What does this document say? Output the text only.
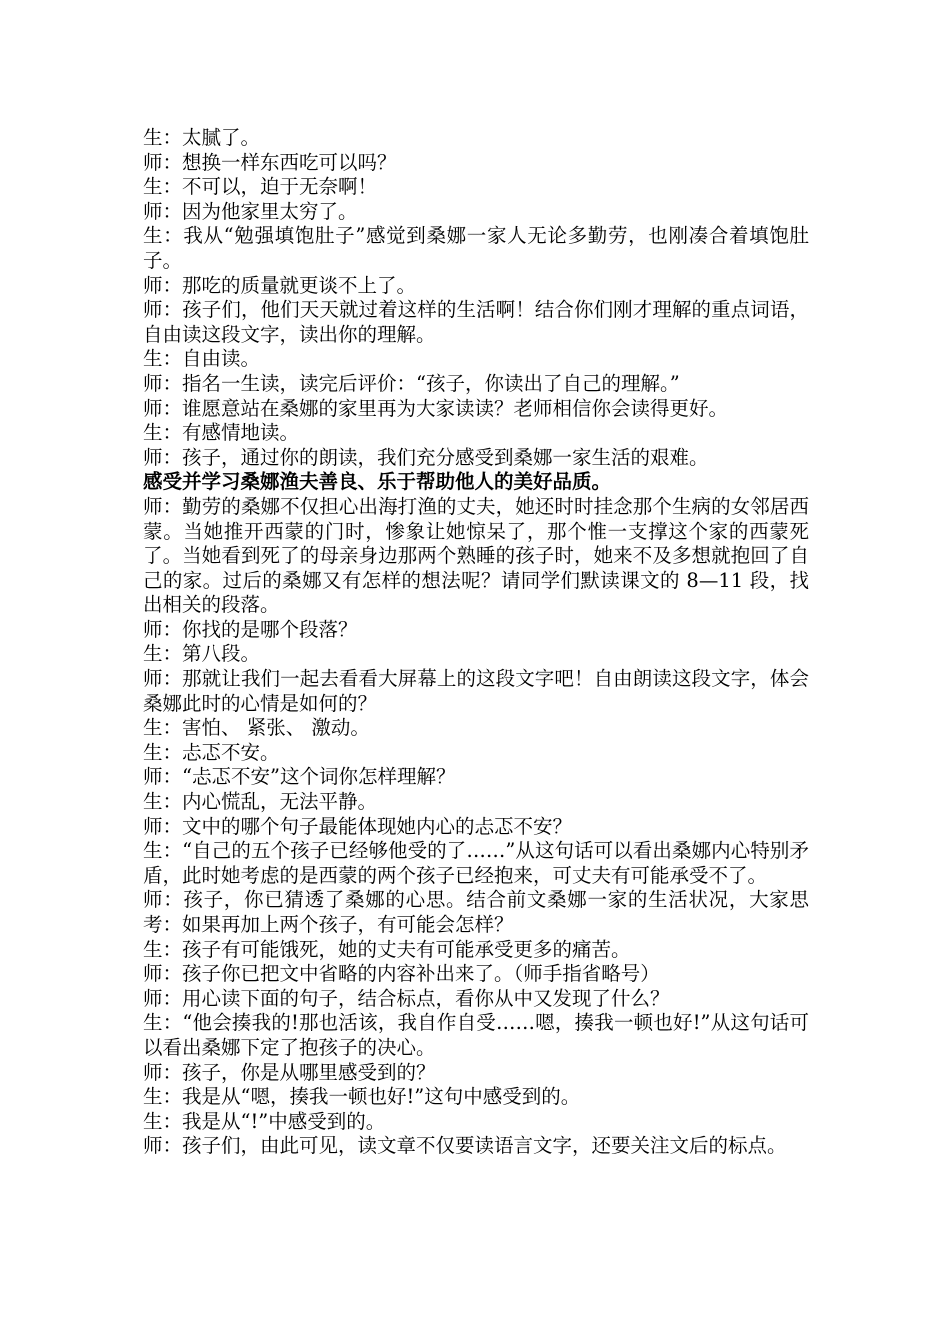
生：太腻了。

师：想换一样东西吃可以吗？

生：不可以，迫于无奈啊！

师：因为他家里太穷了。

生：我从“勉强填饱肚子”感觉到桑娜一家人无论多勤劳，也刚凑合着填饱肚子。

师：那吃的质量就更谈不上了。

师：孩子们，他们天天就过着这样的生活啊！结合你们刚才理解的重点词语，自由读这段文字，读出你的理解。

生：自由读。

师：指名一生读，读完后评价：“孩子，你读出了自己的理解。”

师：谁愿意站在桑娜的家里再为大家读读？老师相信你会读得更好。

生：有感情地读。

师：孩子，通过你的朗读，我们充分感受到桑娜一家生活的艰难。

感受并学习桑娜渔夫善良、乐于帮助他人的美好品质。

师：勤劳的桑娜不仅担心出海打渔的丈夫，她还时时挂念那个生病的女邻居西蒙。当她推开西蒙的门时，惨象让她惊呆了，那个惟一支撑这个家的西蒙死了。当她看到死了的母亲身边那两个熟睡的孩子时，她来不及多想就抱回了自己的家。过后的桑娜又有怎样的想法呢？请同学们默读课文的 8—11 段，找出相关的段落。

师：你找的是哪个段落？

生：第八段。

师：那就让我们一起去看看大屏幕上的这段文字吧！自由朗读这段文字，体会桑娜此时的心情是如何的？

生：害怕、 紧张、 激动。

生：忐忑不安。

师：“忐忑不安”这个词你怎样理解？

生：内心慌乱，无法平静。

师：文中的哪个句子最能体现她内心的忐忑不安？

生：“自己的五个孩子已经够他受的了……”从这句话可以看出桑娜内心特别矛盾，此时她考虑的是西蒙的两个孩子已经抱来，可丈夫有可能承受不了。

师：孩子，你已猜透了桑娜的心思。结合前文桑娜一家的生活状况，大家思考：如果再加上两个孩子，有可能会怎样？

生：孩子有可能饿死，她的丈夫有可能承受更多的痛苦。

师：孩子你已把文中省略的内容补出来了。（师手指省略号）

师：用心读下面的句子，结合标点，看你从中又发现了什么？

生：“他会揍我的!那也活该，我自作自受……嗯，揍我一顿也好!”从这句话可以看出桑娜下定了抱孩子的决心。

师：孩子，你是从哪里感受到的？

生：我是从“嗯，揍我一顿也好!”这句中感受到的。

生：我是从“!”中感受到的。

师：孩子们，由此可见，读文章不仅要读语言文字，还要关注文后的标点。
